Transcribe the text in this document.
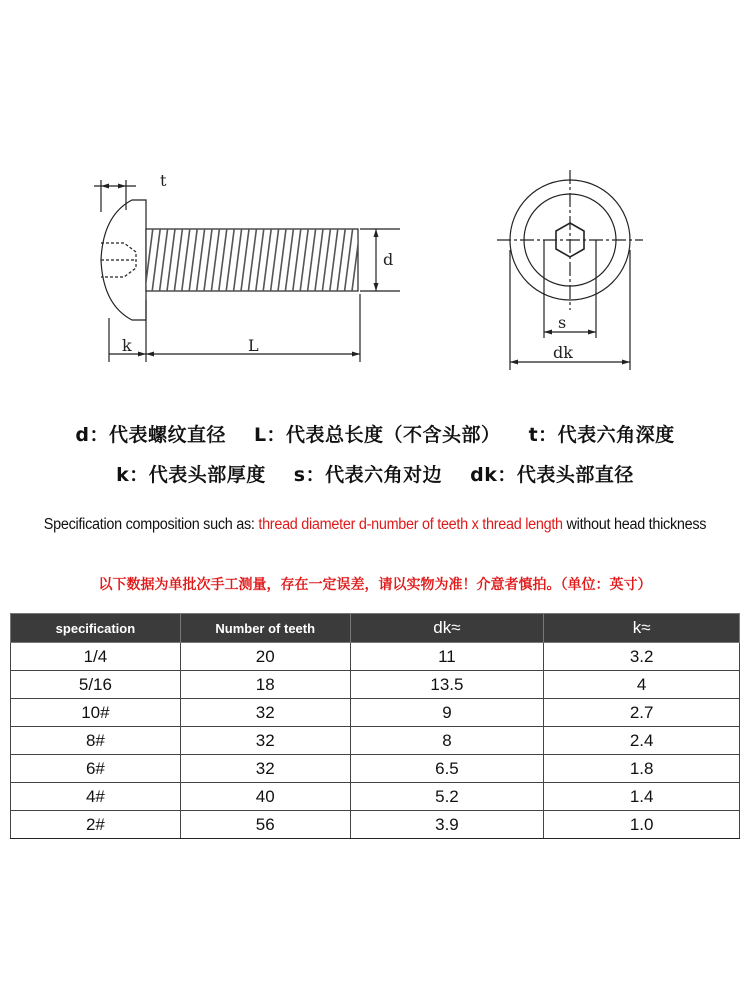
t
d
k	L
s
dk
d：代表螺纹直径 L：代表总长度（不含头部） t：代表六角深度
k：代表头部厚度 s：代表六角对边 dk：代表头部直径
Specification composition such as: thread diameter d-number of teeth x thread length without head thickness
以下数据为单批次手工测量，存在一定误差，请以实物为准！介意者慎拍。（单位：英寸）
specification	Number of teeth	dk≈	k≈
1/4	20	11	3.2
5/16	18	13.5	4
10#	32	9	2.7
8#	32	8	2.4
6#	32	6.5	1.8
4#	40	5.2	1.4
2#	56	3.9	1.0
